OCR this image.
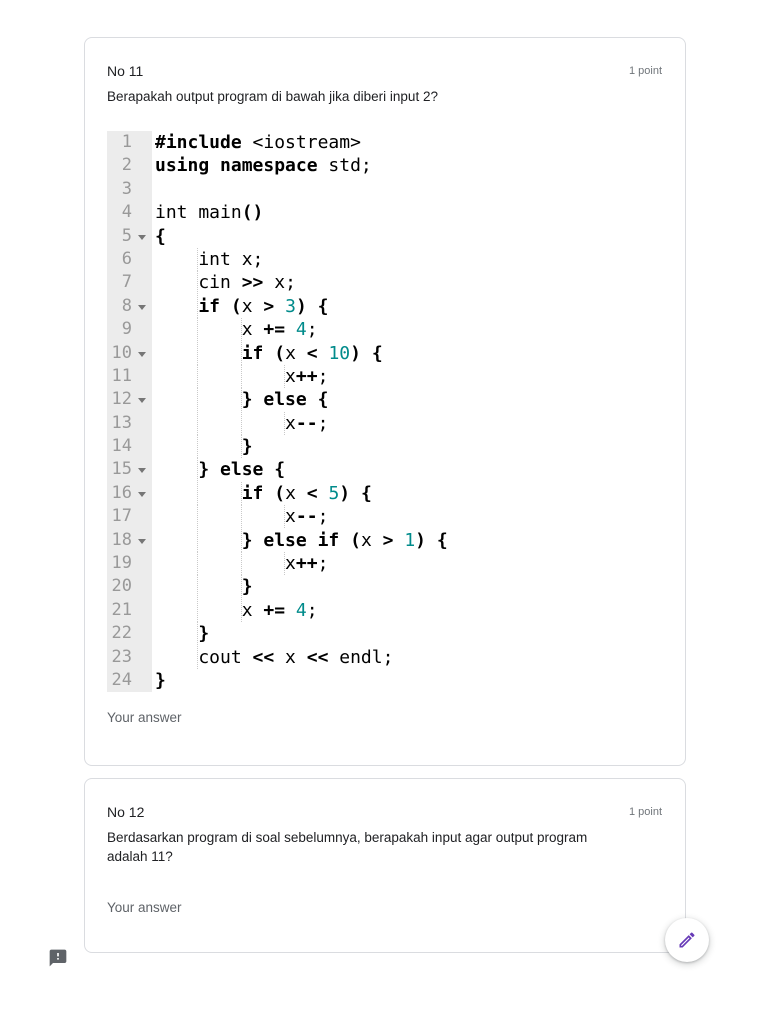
No 11	1 point
Berapakah output program di bawah jika diberi input 2?
1	#include <iostream>
2	using namespace std;
3
4	int main()
5	{
6	int x;
7	cin >> x;
8	if (x > 3) {
9	x += 4;
10	if (x < 10) {
11	x++;
12	} else {
13	x--;
14	}
15	} else {
16	if (x < 5) {
17	x--;
18	} else if (x > 1) {
19	x++;
20	}
21	x += 4;
22	}
23	cout << x << endl;
24	}
Your answer
No 12	1 point
Berdasarkan program di soal sebelumnya, berapakah input agar output program adalah 11?
Your answer
